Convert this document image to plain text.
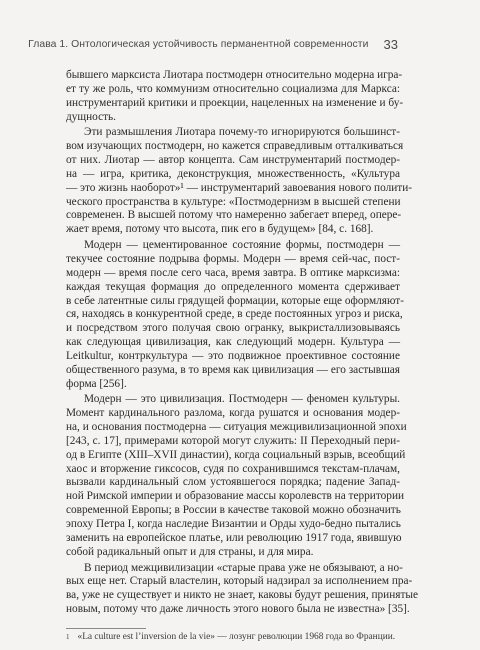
Глава 1. Онтологическая устойчивость перманентной современности 33
бывшего марксиста Лиотара постмодерн относительно модерна игра-
ет ту же роль, что коммунизм относительно социализма для Маркса:
инструментарий критики и проекции, нацеленных на изменение и бу-
дущность.
Эти размышления Лиотара почему-то игнорируются большинст-
вом изучающих постмодерн, но кажется справедливым отталкиваться
от них. Лиотар — автор концепта. Сам инструментарий постмодер-
на — игра, критика, деконструкция, множественность, «Культура
— это жизнь наоборот»¹ — инструментарий завоевания нового полити-
ческого пространства в культуре: «Постмодернизм в высшей степени
современен. В высшей потому что намеренно забегает вперед, опере-
жает время, потому что высота, пик его в будущем» [84, c. 168].
Модерн — цементированное состояние формы, постмодерн —
текучее состояние подрыва формы. Модерн — время сей-час, пост-
модерн — время после сего часа, время завтра. В оптике марксизма:
каждая текущая формация до определенного момента сдерживает
в себе латентные силы грядущей формации, которые еще оформляют-
ся, находясь в конкурентной среде, в среде постоянных угроз и риска,
и посредством этого получая свою огранку, выкристаллизовываясь
как следующая цивилизация, как следующий модерн. Культура —
Leitkultur, контркультура — это подвижное проективное состояние
общественного разума, в то время как цивилизация — его застывшая
форма [256].
Модерн — это цивилизация. Постмодерн — феномен культуры.
Момент кардинального разлома, когда рушатся и основания модер-
на, и основания постмодерна — ситуация межцивилизационной эпохи
[243, c. 17], примерами которой могут служить: II Переходный пери-
од в Египте (XIII–XVII династии), когда социальный взрыв, всеобщий
хаос и вторжение гиксосов, судя по сохранившимся текстам-плачам,
вызвали кардинальный слом устоявшегося порядка; падение Запад-
ной Римской империи и образование массы королевств на территории
современной Европы; в России в качестве таковой можно обозначить
эпоху Петра I, когда наследие Византии и Орды худо-бедно пытались
заменить на европейское платье, или революцию 1917 года, явившую
собой радикальный опыт и для страны, и для мира.
В период межцивилизации «старые права уже не обязывают, а но-
вых еще нет. Старый властелин, который надзирал за исполнением пра-
ва, уже не существует и никто не знает, каковы будут решения, принятые
новым, потому что даже личность этого нового была не известна» [35].
$^1$ «La culture est l’inversion de la vie» — лозунг революции 1968 года во Франции.
